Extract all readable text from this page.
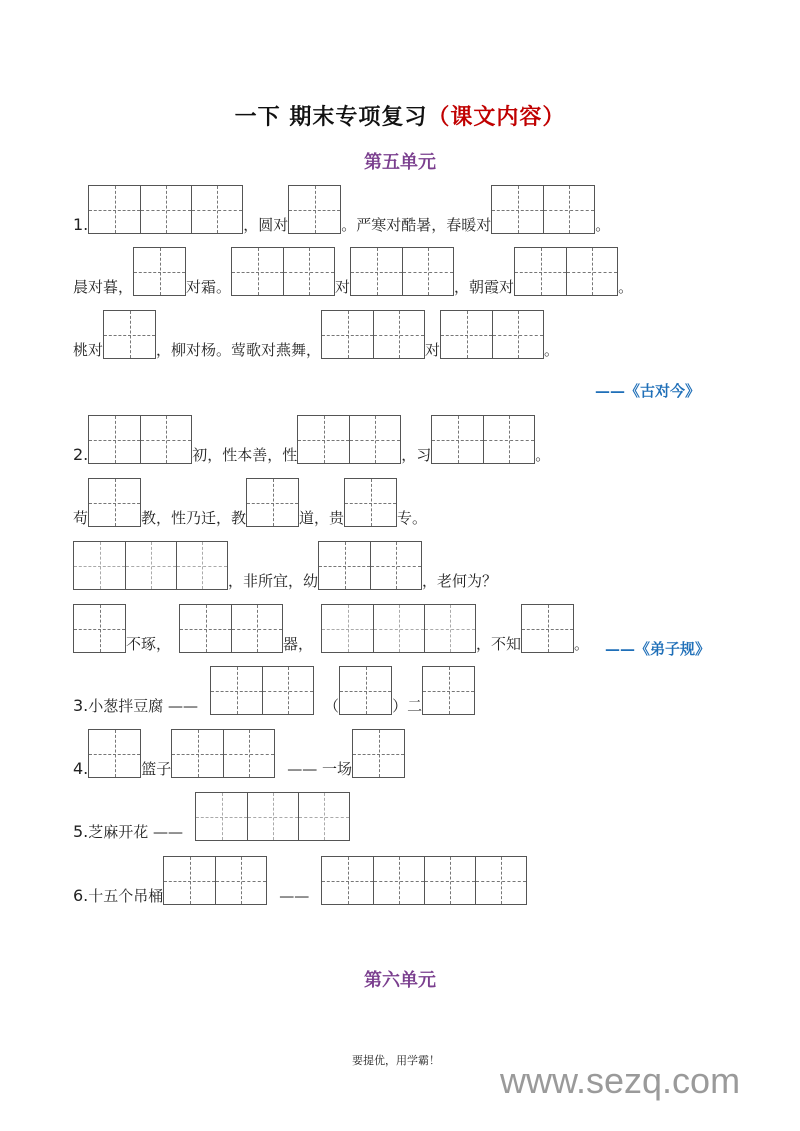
一下 期末专项复习（课文内容）
第五单元
1.	，圆对	。严寒对酷暑，春暖对	。
晨对暮，	对霜。	对	，朝霞对	。
桃对	，柳对杨。莺歌对燕舞，	对	。
——《古对今》
2.	初，性本善，性	，习	。
苟	教，性乃迁，教	道，贵	专。
，非所宜，幼	，老何为？
不琢，	器，	，不知	。 ——《弟子规》
3. 小葱拌豆腐 ——	（	）二
4.	篮子	—— 一场
5. 芝麻开花 ——
6. 十五个吊桶	——
第六单元
要提优，用学霸！ www.sezq.com
